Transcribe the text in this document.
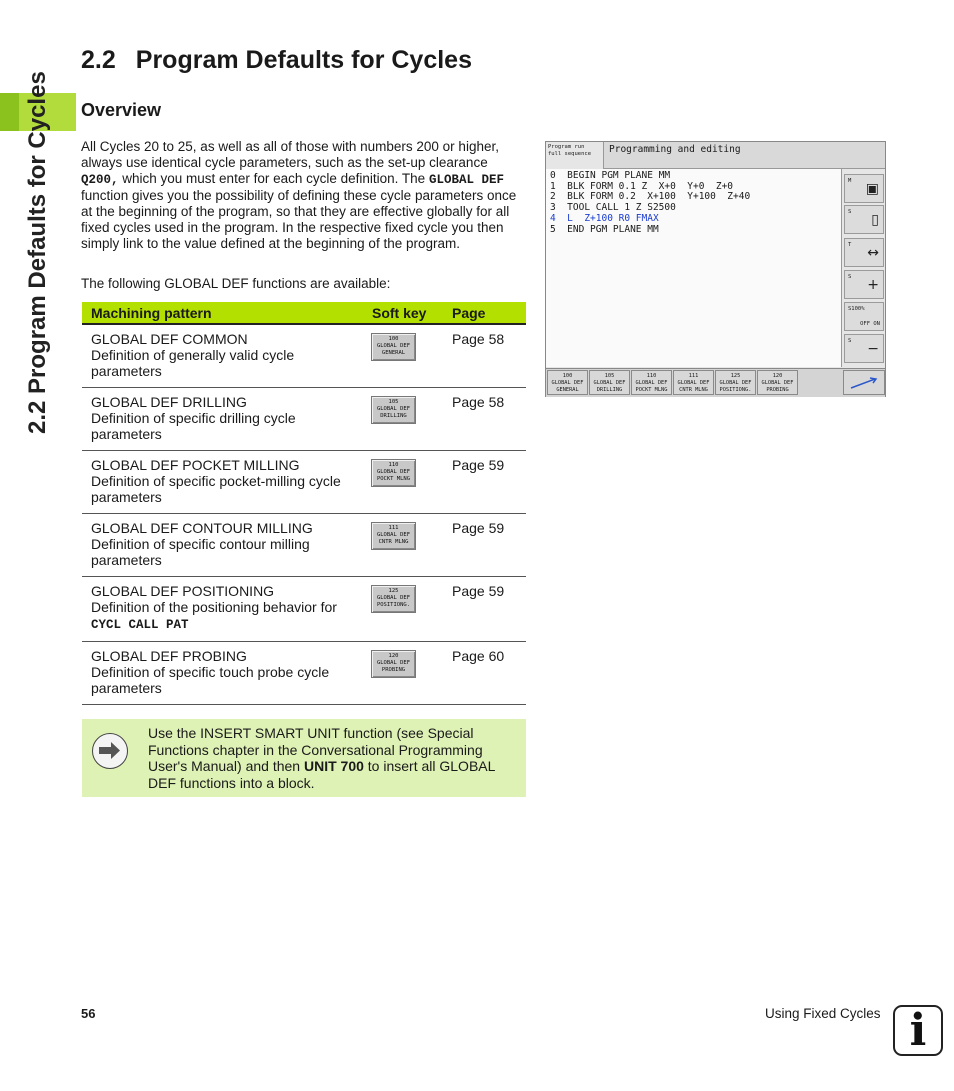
2.2 Program Defaults for Cycles
2.2 Program Defaults for Cycles
Overview
All Cycles 20 to 25, as well as all of those with numbers 200 or higher, always use identical cycle parameters, such as the set-up clearance Q200, which you must enter for each cycle definition. The GLOBAL DEF function gives you the possibility of defining these cycle parameters once at the beginning of the program, so that they are effective globally for all fixed cycles used in the program. In the respective fixed cycle you then simply link to the value defined at the beginning of the program.
The following GLOBAL DEF functions are available:
Machining pattern	Soft key	Page

GLOBAL DEF COMMON
Definition of generally valid cycle parameters	100
GLOBAL DEF
GENERAL	Page 58

GLOBAL DEF DRILLING
Definition of specific drilling cycle parameters	105
GLOBAL DEF
DRILLING	Page 58

GLOBAL DEF POCKET MILLING
Definition of specific pocket-milling cycle parameters	110
GLOBAL DEF
POCKT MLNG	Page 59

GLOBAL DEF CONTOUR MILLING
Definition of specific contour milling parameters	111
GLOBAL DEF
CNTR MLNG	Page 59

GLOBAL DEF POSITIONING
Definition of the positioning behavior for
CYCL CALL PAT	125
GLOBAL DEF
POSITIONG.	Page 59

GLOBAL DEF PROBING
Definition of specific touch probe cycle parameters	120
GLOBAL DEF
PROBING	Page 60
Use the INSERT SMART UNIT function (see Special Functions chapter in the Conversational Programming User's Manual) and then UNIT 700 to insert all GLOBAL DEF functions into a block.
Program run
full sequence	Programming and editing
0  BEGIN PGM PLANE MM
1  BLK FORM 0.1 Z  X+0  Y+0  Z+0
2  BLK FORM 0.2  X+100  Y+100  Z+40
3  TOOL CALL 1 Z S2500
4  L  Z+100 R0 FMAX
5  END PGM PLANE MM
M ▣
S ▯
T ↔
S +
S100%
OFF ON
S −
100
GLOBAL DEF
GENERAL
105
GLOBAL DEF
DRILLING
110
GLOBAL DEF
POCKT MLNG
111
GLOBAL DEF
CNTR MLNG
125
GLOBAL DEF
POSITIONG.
120
GLOBAL DEF
PROBING
56	Using Fixed Cycles i
